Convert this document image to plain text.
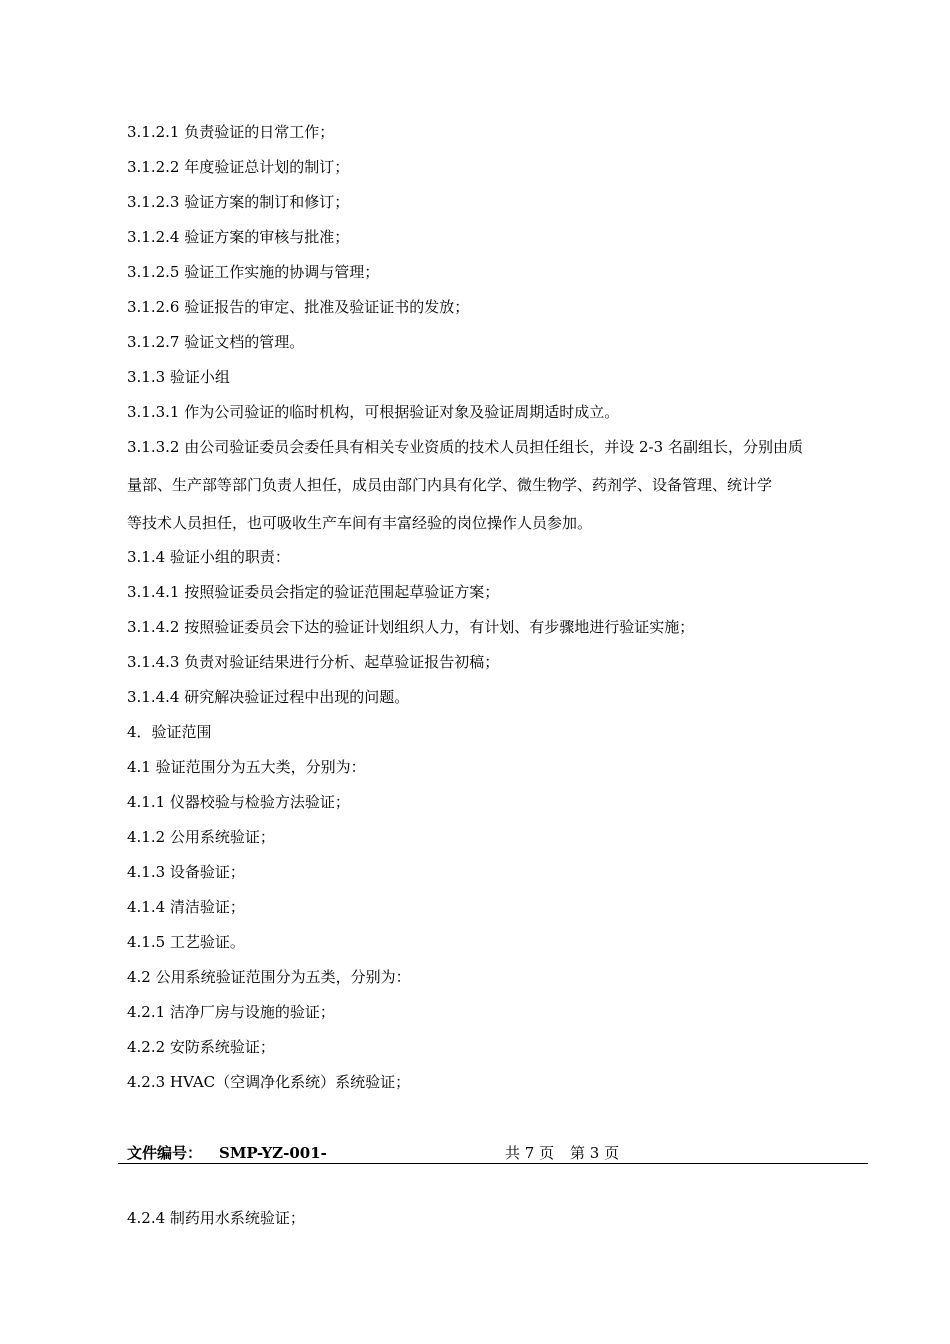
3.1.2.1 负责验证的日常工作；

3.1.2.2 年度验证总计划的制订；

3.1.2.3 验证方案的制订和修订；

3.1.2.4 验证方案的审核与批准；

3.1.2.5 验证工作实施的协调与管理；

3.1.2.6 验证报告的审定、批准及验证证书的发放；

3.1.2.7 验证文档的管理。

3.1.3 验证小组

3.1.3.1 作为公司验证的临时机构，可根据验证对象及验证周期适时成立。

3.1.3.2 由公司验证委员会委任具有相关专业资质的技术人员担任组长，并设 2-3 名副组长，分别由质

量部、生产部等部门负责人担任，成员由部门内具有化学、微生物学、药剂学、设备管理、统计学

等技术人员担任，也可吸收生产车间有丰富经验的岗位操作人员参加。

3.1.4 验证小组的职责：

3.1.4.1 按照验证委员会指定的验证范围起草验证方案；

3.1.4.2 按照验证委员会下达的验证计划组织人力，有计划、有步骤地进行验证实施；

3.1.4.3 负责对验证结果进行分析、起草验证报告初稿；

3.1.4.4 研究解决验证过程中出现的问题。

4．验证范围

4.1 验证范围分为五大类，分别为：

4.1.1 仪器校验与检验方法验证；

4.1.2 公用系统验证；

4.1.3 设备验证；

4.1.4 清洁验证；

4.1.5 工艺验证。

4.2 公用系统验证范围分为五类，分别为：

4.2.1 洁净厂房与设施的验证；

4.2.2 安防系统验证；

4.2.3 HVAC（空调净化系统）系统验证；

文件编号： SMP-YZ-001-	共 7 页 第 3 页

4.2.4 制药用水系统验证；
